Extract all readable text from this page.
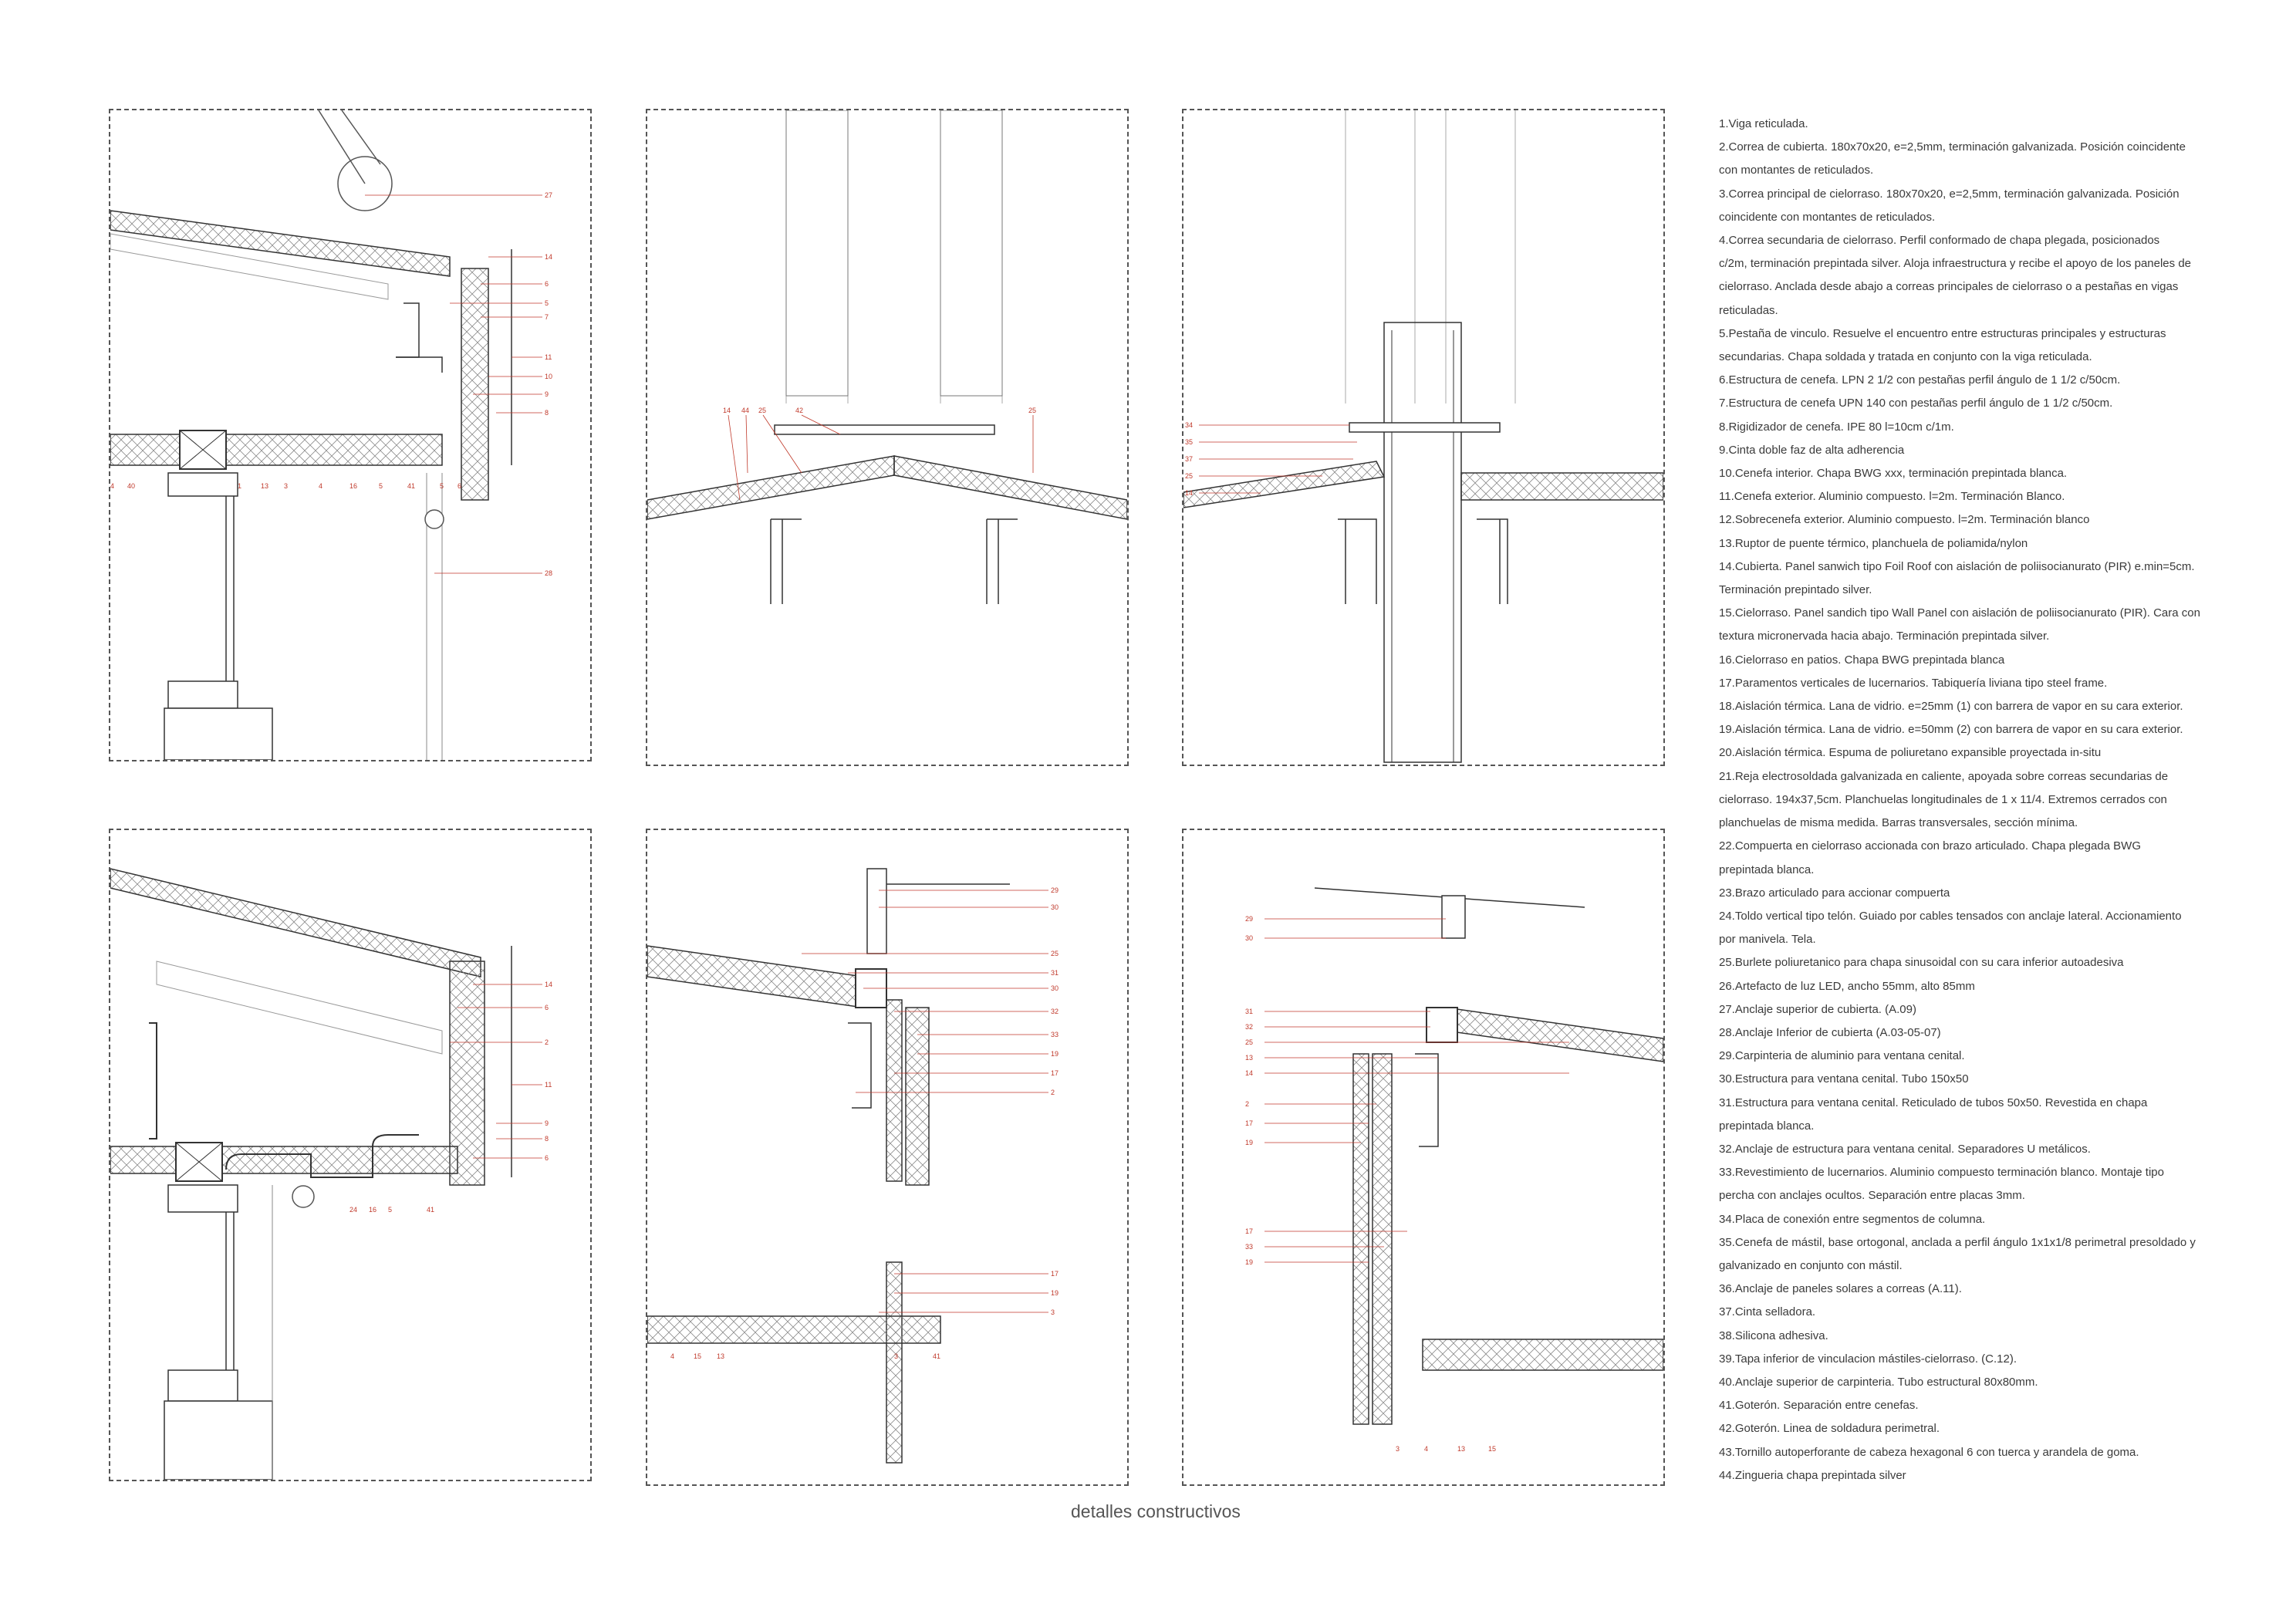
27
14
6
5
7
11
10
9
8
28
4 40	1	13 3	4	16	5	41	5 6
14 44 25	42	25
34
35
37
25
14
14
6
2
11
9
8
6
24 16 5	41
29
30
25
31
30
32
33
19
17
2
17
19
3
4	15 13	3	41
29
30
31
32
25
13
14
2
17
19
17
33
19
3	4	13	15
1.Viga reticulada.
2.Correa de cubierta. 180x70x20, e=2,5mm, terminación galvanizada. Posición coincidente
con montantes de reticulados.
3.Correa principal de cielorraso. 180x70x20, e=2,5mm, terminación galvanizada. Posición
coincidente con montantes de reticulados.
4.Correa secundaria de cielorraso. Perfil conformado de chapa plegada, posicionados
c/2m, terminación prepintada silver. Aloja infraestructura y recibe el apoyo de los paneles de
cielorraso. Anclada desde abajo a correas principales de cielorraso o a pestañas en vigas
reticuladas.
5.Pestaña de vinculo. Resuelve el encuentro entre estructuras principales y estructuras
secundarias. Chapa soldada y tratada en conjunto con la viga reticulada.
6.Estructura de cenefa. LPN 2 1/2 con pestañas perfil ángulo de 1 1/2 c/50cm.
7.Estructura de cenefa UPN 140 con pestañas perfil ángulo de 1 1/2 c/50cm.
8.Rigidizador de cenefa. IPE 80 l=10cm c/1m.
9.Cinta doble faz de alta adherencia
10.Cenefa interior. Chapa BWG xxx, terminación prepintada blanca.
11.Cenefa exterior. Aluminio compuesto. l=2m. Terminación Blanco.
12.Sobrecenefa exterior. Aluminio compuesto. l=2m. Terminación blanco
13.Ruptor de puente térmico, planchuela de poliamida/nylon
14.Cubierta. Panel sanwich tipo Foil Roof con aislación de poliisocianurato (PIR) e.min=5cm.
Terminación prepintado silver.
15.Cielorraso. Panel sandich tipo Wall Panel con aislación de poliisocianurato (PIR). Cara con
textura micronervada hacia abajo. Terminación prepintada silver.
16.Cielorraso en patios. Chapa BWG prepintada blanca
17.Paramentos verticales de lucernarios. Tabiquería liviana tipo steel frame.
18.Aislación térmica. Lana de vidrio. e=25mm (1) con barrera de vapor en su cara exterior.
19.Aislación térmica. Lana de vidrio. e=50mm (2) con barrera de vapor en su cara exterior.
20.Aislación térmica. Espuma de poliuretano expansible proyectada in-situ
21.Reja electrosoldada galvanizada en caliente, apoyada sobre correas secundarias de
cielorraso. 194x37,5cm. Planchuelas longitudinales de 1 x 11/4. Extremos cerrados con
planchuelas de misma medida. Barras transversales, sección mínima.
22.Compuerta en cielorraso accionada con brazo articulado. Chapa plegada BWG
prepintada blanca.
23.Brazo articulado para accionar compuerta
24.Toldo vertical tipo telón. Guiado por cables tensados con anclaje lateral. Accionamiento
por manivela. Tela.
25.Burlete poliuretanico para chapa sinusoidal con su cara inferior autoadesiva
26.Artefacto de luz LED, ancho 55mm, alto 85mm
27.Anclaje superior de cubierta. (A.09)
28.Anclaje Inferior de cubierta (A.03-05-07)
29.Carpinteria de aluminio para ventana cenital.
30.Estructura para ventana cenital. Tubo 150x50
31.Estructura para ventana cenital. Reticulado de tubos 50x50. Revestida en chapa
prepintada blanca.
32.Anclaje de estructura para ventana cenital. Separadores U metálicos.
33.Revestimiento de lucernarios. Aluminio compuesto terminación blanco. Montaje tipo
percha con anclajes ocultos. Separación entre placas 3mm.
34.Placa de conexión entre segmentos de columna.
35.Cenefa de mástil, base ortogonal, anclada a perfil ángulo 1x1x1/8 perimetral presoldado y
galvanizado en conjunto con mástil.
36.Anclaje de paneles solares a correas (A.11).
37.Cinta selladora.
38.Silicona adhesiva.
39.Tapa inferior de vinculacion mástiles-cielorraso. (C.12).
40.Anclaje superior de carpinteria. Tubo estructural 80x80mm.
41.Goterón. Separación entre cenefas.
42.Goterón. Linea de soldadura perimetral.
43.Tornillo autoperforante de cabeza hexagonal 6 con tuerca y arandela de goma.
44.Zingueria chapa prepintada silver
detalles constructivos
